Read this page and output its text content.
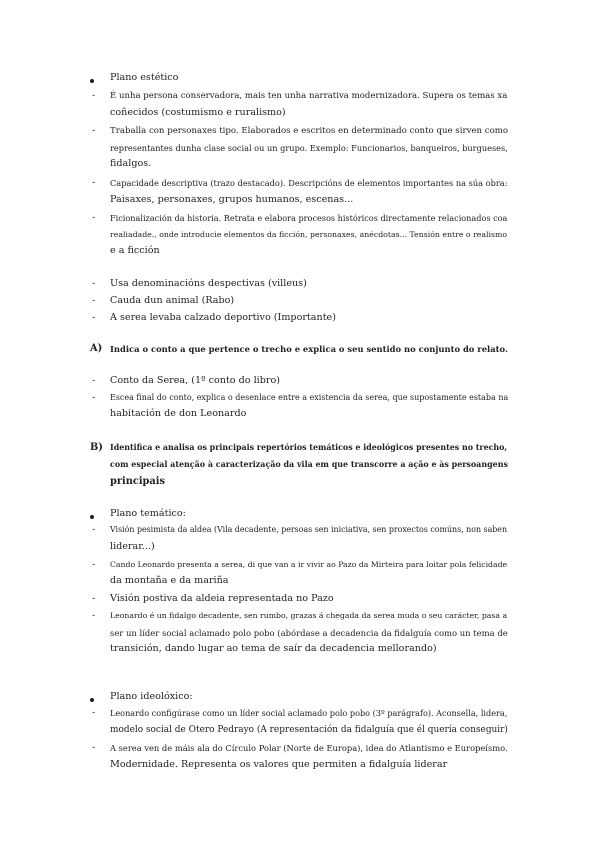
Plano estético
- É unha persona conservadora, mais ten unha narrativa modernizadora. Supera os temas xa
coñecidos (costumismo e ruralismo)
- Traballa con personaxes tipo. Elaborados e escritos en determinado conto que sirven como
representantes dunha clase social ou un grupo. Exemplo: Funcionarios, banqueiros, burgueses,
fidalgos.
- Capacidade descriptiva (trazo destacado). Descripcións de elementos importantes na súa obra:
Paisaxes, personaxes, grupos humanos, escenas...
- Ficionalización da historia. Retrata e elabora procesos históricos directamente relacionados coa
realiadade., onde introducie elementos da ficción, personaxes, anécdotas... Tensión entre o realismo
e a ficción
- Usa denominacións despectivas (villeus)
- Cauda dun animal (Rabo)
- A serea levaba calzado deportivo (Importante)
A) Indica o conto a que pertence o trecho e explica o seu sentido no conjunto do relato.
- Conto da Serea, (1º conto do libro)
- Escea final do conto, explica o desenlace entre a existencia da serea, que supostamente estaba na
habitación de don Leonardo
B) Identifica e analisa os principais repertórios temáticos e ideológicos presentes no trecho,
com especial atenção à caracterização da vila em que transcorre a ação e às persoangens
principais
Plano temático:
- Visión pesimista da aldea (Vila decadente, persoas sen iniciativa, sen proxectos comúns, non saben
liderar...)
- Cando Leonardo presenta a serea, di que van a ir vivir ao Pazo da Mirteira para loitar pola felicidade
da montaña e da mariña
- Visión postiva da aldeia representada no Pazo
- Leonardo é un fidalgo decadente, sen rumbo, grazas á chegada da serea muda o seu carácter, pasa a
ser un líder social aclamado polo pobo (abórdase a decadencia da fidalguía como un tema de
transición, dando lugar ao tema de saír da decadencia mellorando)
Plano ideolóxico:
- Leonardo configúrase como un líder social aclamado polo pobo (3º parágrafo). Aconsella, lidera,
modelo social de Otero Pedrayo (A representación da fidalguía que él quería conseguir)
- A serea ven de máis ala do Círculo Polar (Norte de Europa), idea do Atlantismo e Europeísmo.
Modernidade. Representa os valores que permiten a fidalguía liderar
